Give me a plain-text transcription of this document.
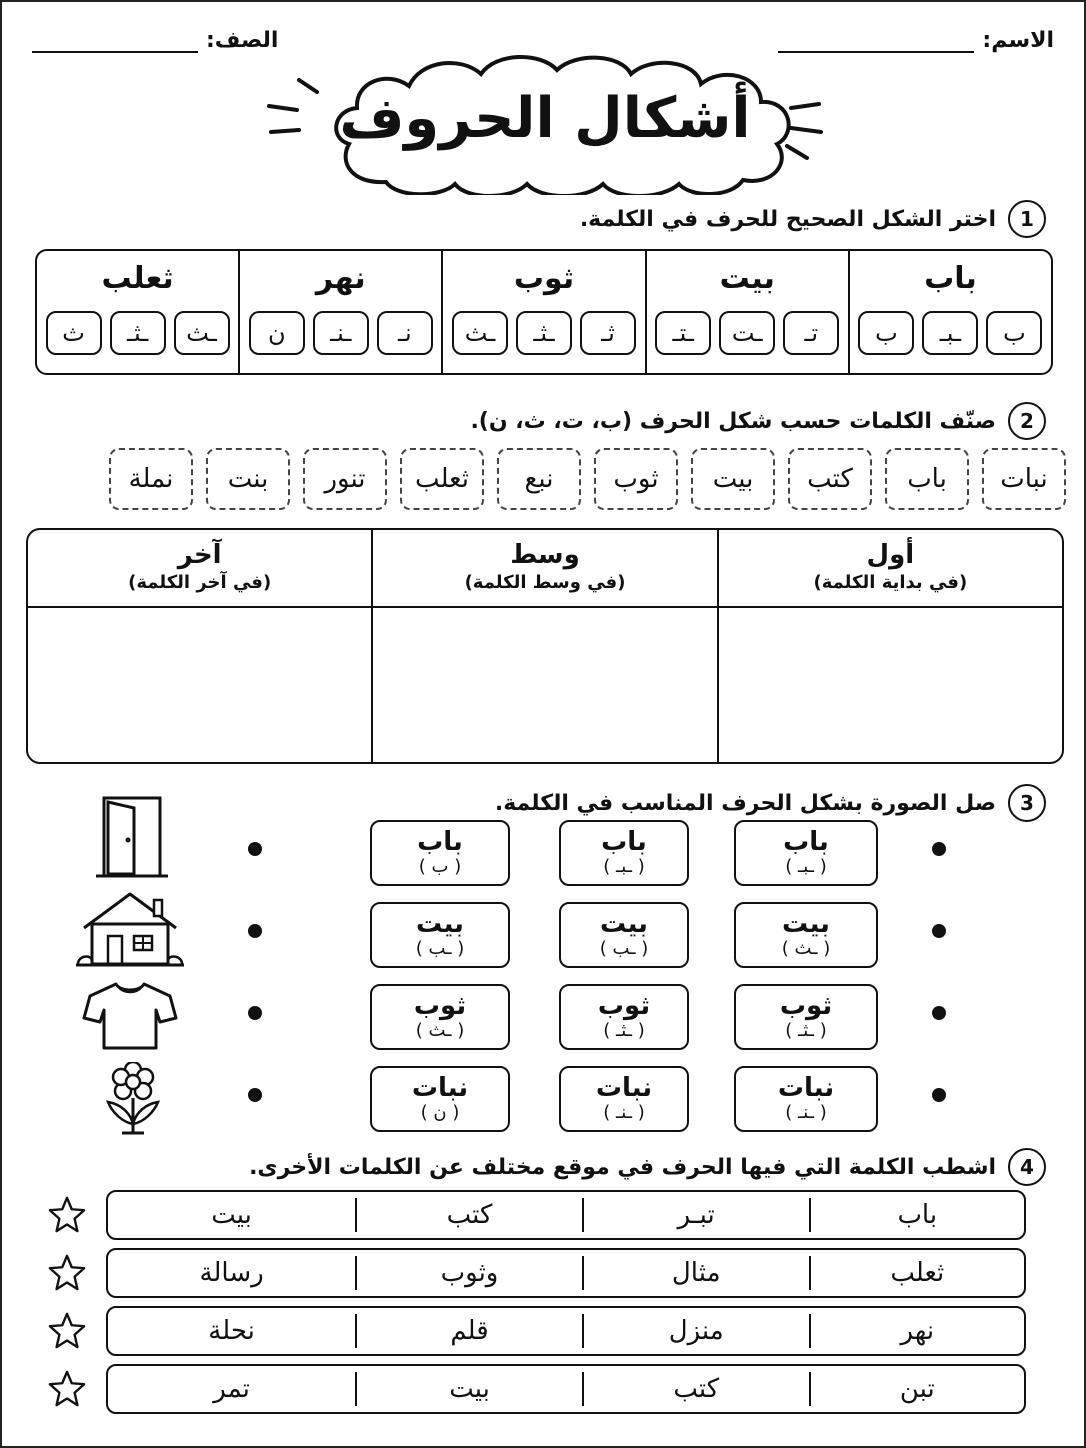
الاسم:
الصف:
أشكال الحروف
1
اختر الشكل الصحيح للحرف في الكلمة.
باب
ب
ـبـ
ب
بيت
تـ
ـت
ـتـ
ثوب
ثـ
ـثـ
ـث
نهر
نـ
ـنـ
ن
ثعلب
ـث
ـثـ
ث
2
صنّف الكلمات حسب شكل الحرف (ب، ت، ث، ن).
نبات
باب
كتب
بيت
ثوب
نبع
ثعلب
تنور
بنت
نملة
أول
(في بداية الكلمة)
وسط
(في وسط الكلمة)
آخر
(في آخر الكلمة)
3
صل الصورة بشكل الحرف المناسب في الكلمة.
باب
( ـبـ )
باب
( ـبـ )
باب
( ب )
بيت
( ـث )
بيت
( ـب )
بيت
( ـب )
ثوب
( ـثـ )
ثوب
( ـثـ )
ثوب
( ـث )
نبات
( ـنـ )
نبات
( ـنـ )
نبات
( ن )
4
اشطب الكلمة التي فيها الحرف في موقع مختلف عن الكلمات الأخرى.
باب
تبـر
كتب
بيت
ثعلب
مثال
وثوب
رسالة
نهر
منزل
قلم
نحلة
تبن
كتب
بيت
تمر
